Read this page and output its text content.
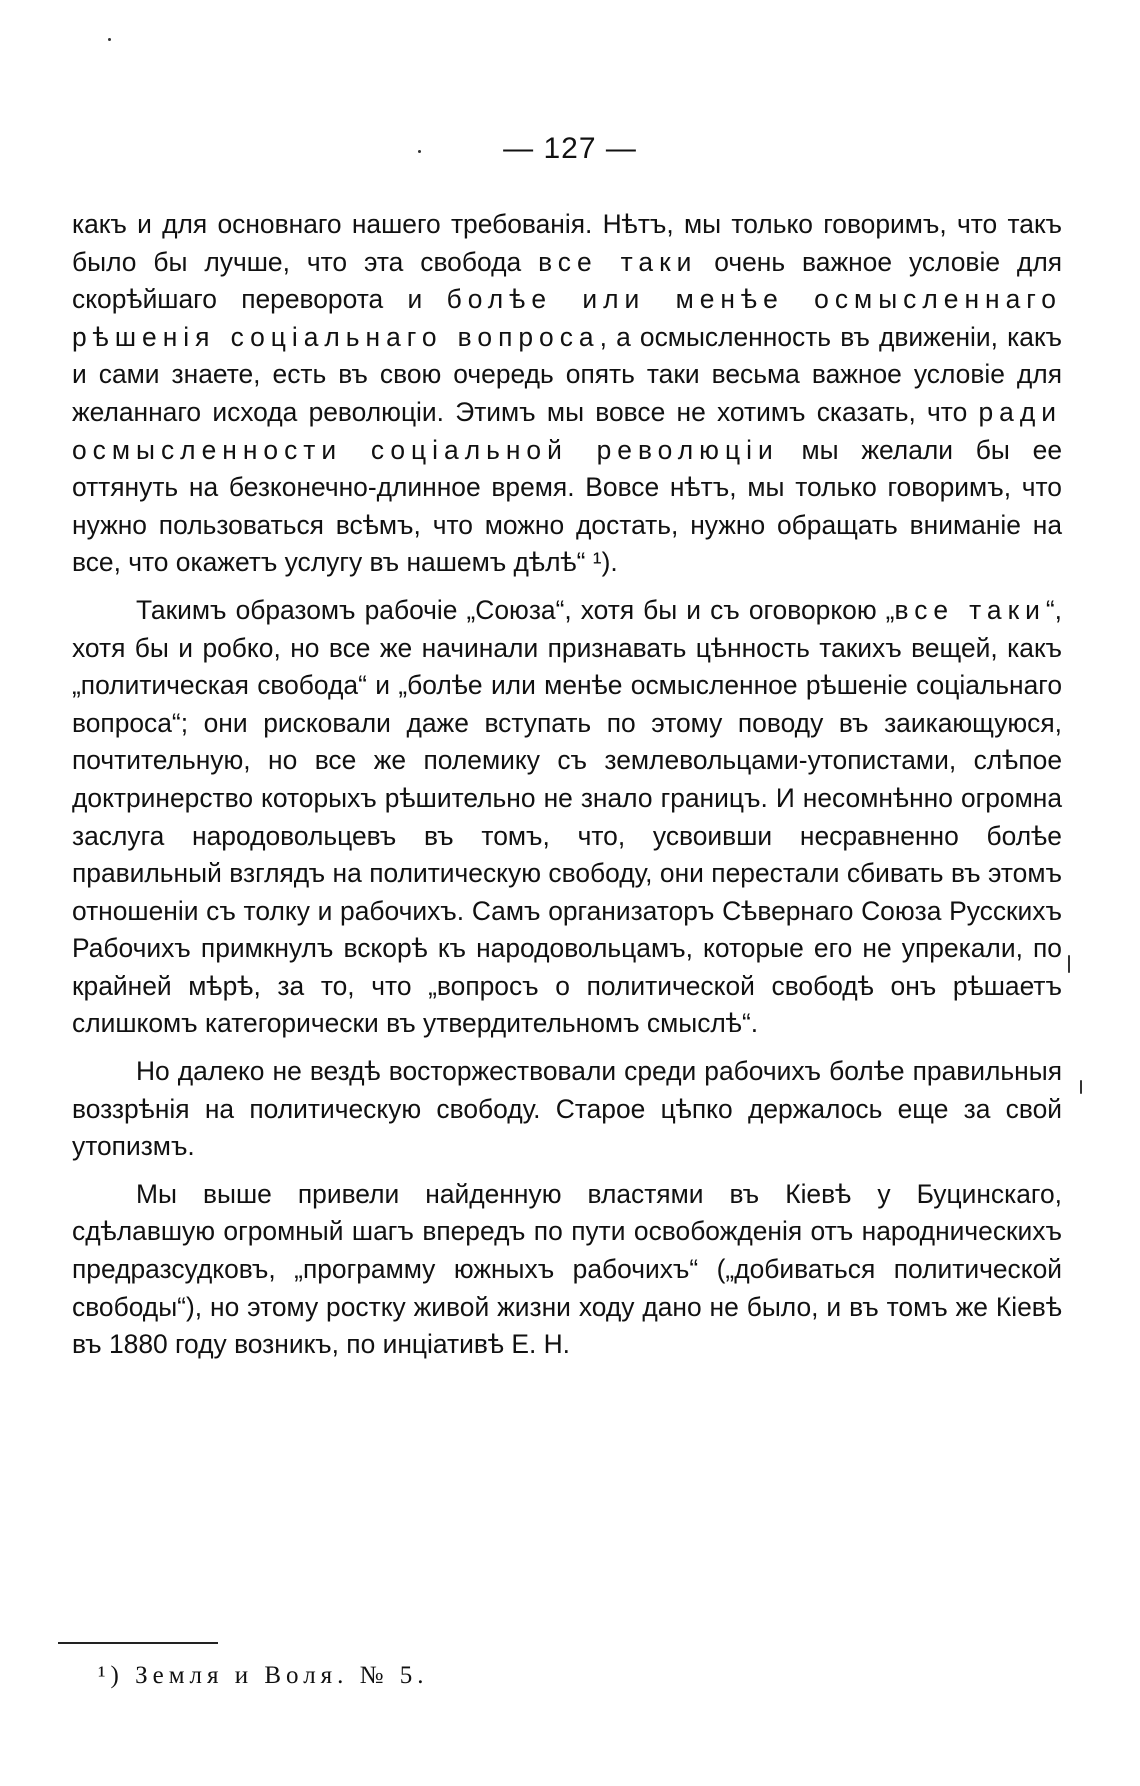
— 127 —

какъ и для основнаго нашего требованія. Нѣтъ, мы только говоримъ, что такъ было бы лучше, что эта свобода все таки очень важное условіе для скорѣйшаго переворота и болѣе или менѣе осмысленнаго рѣшенія соціальнаго вопроса, а осмысленность въ движеніи, какъ и сами знаете, есть въ свою очередь опять таки весьма важное условіе для желаннаго исхода революціи. Этимъ мы вовсе не хотимъ сказать, что ради осмысленности соціальной революціи мы желали бы ее оттянуть на безконечно-длинное время. Вовсе нѣтъ, мы только говоримъ, что нужно пользоваться всѣмъ, что можно достать, нужно обращать вниманіе на все, что окажетъ услугу въ нашемъ дѣлѣ“ ¹).

Такимъ образомъ рабочіе „Союза“, хотя бы и съ оговоркою „все таки“, хотя бы и робко, но все же начинали признавать цѣнность такихъ вещей, какъ „политическая свобода“ и „болѣе или менѣе осмысленное рѣшеніе соціальнаго вопроса“; они рисковали даже вступать по этому поводу въ заикающуюся, почтительную, но все же полемику съ землевольцами-утопистами, слѣпое доктринерство которыхъ рѣшительно не знало границъ. И несомнѣнно огромна заслуга народовольцевъ въ томъ, что, усвоивши несравненно болѣе правильный взглядъ на политическую свободу, они перестали сбивать въ этомъ отношеніи съ толку и рабочихъ. Самъ организаторъ Сѣвернаго Союза Русскихъ Рабочихъ примкнулъ вскорѣ къ народовольцамъ, которые его не упрекали, по крайней мѣрѣ, за то, что „вопросъ о политической свободѣ онъ рѣшаетъ слишкомъ категорически въ утвердительномъ смыслѣ“.

Но далеко не вездѣ восторжествовали среди рабочихъ болѣе правильныя воззрѣнія на политическую свободу. Старое цѣпко держалось еще за свой утопизмъ.

Мы выше привели найденную властями въ Кіевѣ у Буцинскаго, сдѣлавшую огромный шагъ впередъ по пути освобожденія отъ народническихъ предразсудковъ, „программу южныхъ рабочихъ“ („добиваться политической свободы“), но этому ростку живой жизни ходу дано не было, и въ томъ же Кіевѣ въ 1880 году возникъ, по инціативѣ Е. Н.

¹) Земля и Воля. № 5.
